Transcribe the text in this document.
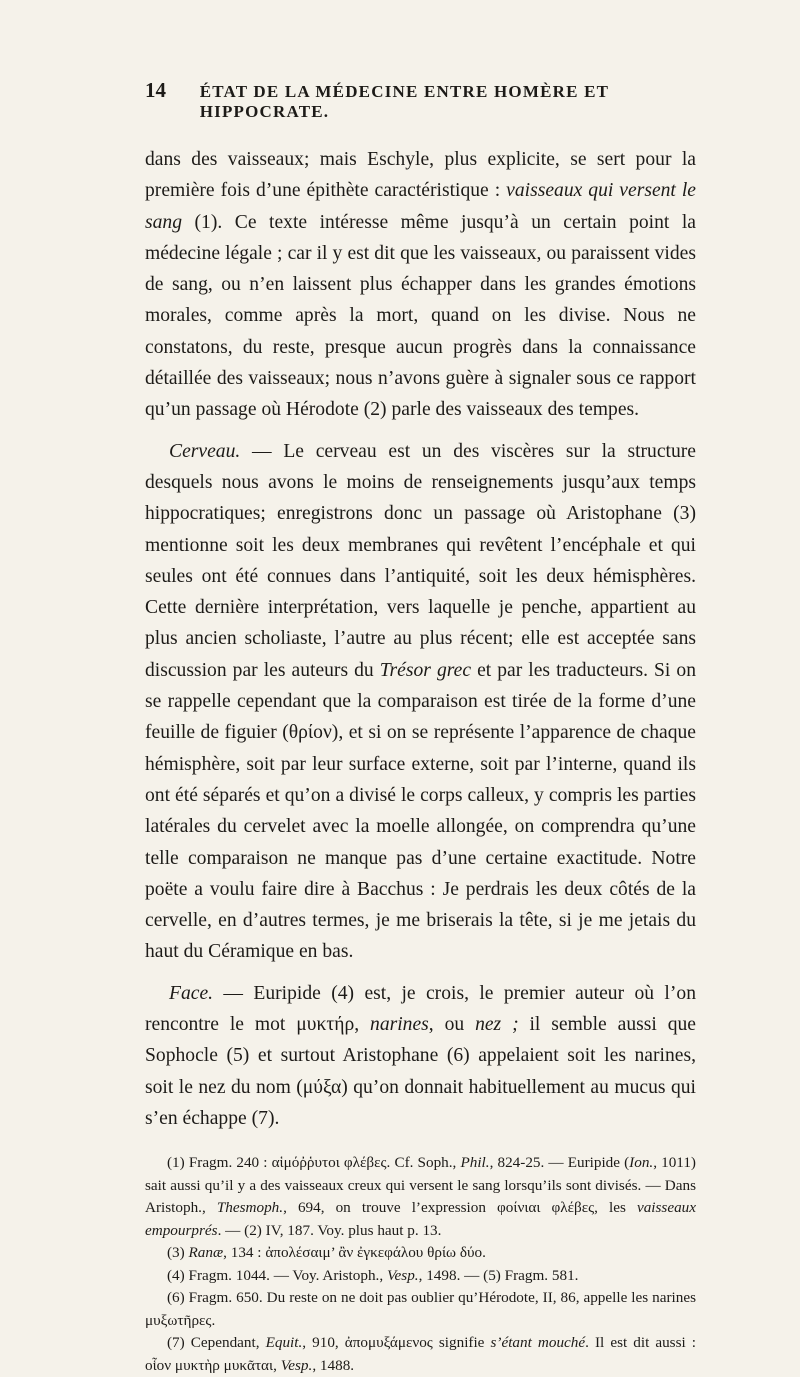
14	ÉTAT DE LA MÉDECINE ENTRE HOMÈRE ET HIPPOCRATE.

dans des vaisseaux; mais Eschyle, plus explicite, se sert pour la première fois d’une épithète caractéristique : vaisseaux qui versent le sang (1). Ce texte intéresse même jusqu’à un certain point la médecine légale ; car il y est dit que les vaisseaux, ou paraissent vides de sang, ou n’en laissent plus échapper dans les grandes émotions morales, comme après la mort, quand on les divise. Nous ne constatons, du reste, presque aucun progrès dans la connaissance détaillée des vaisseaux; nous n’avons guère à signaler sous ce rapport qu’un passage où Hérodote (2) parle des vaisseaux des tempes.

Cerveau. — Le cerveau est un des viscères sur la structure desquels nous avons le moins de renseignements jusqu’aux temps hippocratiques; enregistrons donc un passage où Aristophane (3) mentionne soit les deux membranes qui revêtent l’encéphale et qui seules ont été connues dans l’antiquité, soit les deux hémisphères. Cette dernière interprétation, vers laquelle je penche, appartient au plus ancien scholiaste, l’autre au plus récent; elle est acceptée sans discussion par les auteurs du Trésor grec et par les traducteurs. Si on se rappelle cependant que la comparaison est tirée de la forme d’une feuille de figuier (θρίον), et si on se représente l’apparence de chaque hémisphère, soit par leur surface externe, soit par l’interne, quand ils ont été séparés et qu’on a divisé le corps calleux, y compris les parties latérales du cervelet avec la moelle allongée, on comprendra qu’une telle comparaison ne manque pas d’une certaine exactitude. Notre poëte a voulu faire dire à Bacchus : Je perdrais les deux côtés de la cervelle, en d’autres termes, je me briserais la tête, si je me jetais du haut du Céramique en bas.

Face. — Euripide (4) est, je crois, le premier auteur où l’on rencontre le mot μυκτήρ, narines, ou nez ; il semble aussi que Sophocle (5) et surtout Aristophane (6) appelaient soit les narines, soit le nez du nom (μύξα) qu’on donnait habituellement au mucus qui s’en échappe (7).

(1) Fragm. 240 : αἱμόῤῥυτοι φλέβες. Cf. Soph., Phil., 824-25. — Euripide (Ion., 1011) sait aussi qu’il y a des vaisseaux creux qui versent le sang lorsqu’ils sont divisés. — Dans Aristoph., Thesmoph., 694, on trouve l’expression φοίνιαι φλέβες, les vaisseaux empourprés. — (2) IV, 187. Voy. plus haut p. 13.

(3) Ranæ, 134 : ἀπολέσαιμ’ ἂν ἐγκεφάλου θρίω δύο.

(4) Fragm. 1044. — Voy. Aristoph., Vesp., 1498. — (5) Fragm. 581.

(6) Fragm. 650. Du reste on ne doit pas oublier qu’Hérodote, II, 86, appelle les narines μυξωτῆρες.

(7) Cependant, Equit., 910, ἀπομυξάμενος signifie s’étant mouché. Il est dit aussi : οἷον μυκτὴρ μυκᾶται, Vesp., 1488.
